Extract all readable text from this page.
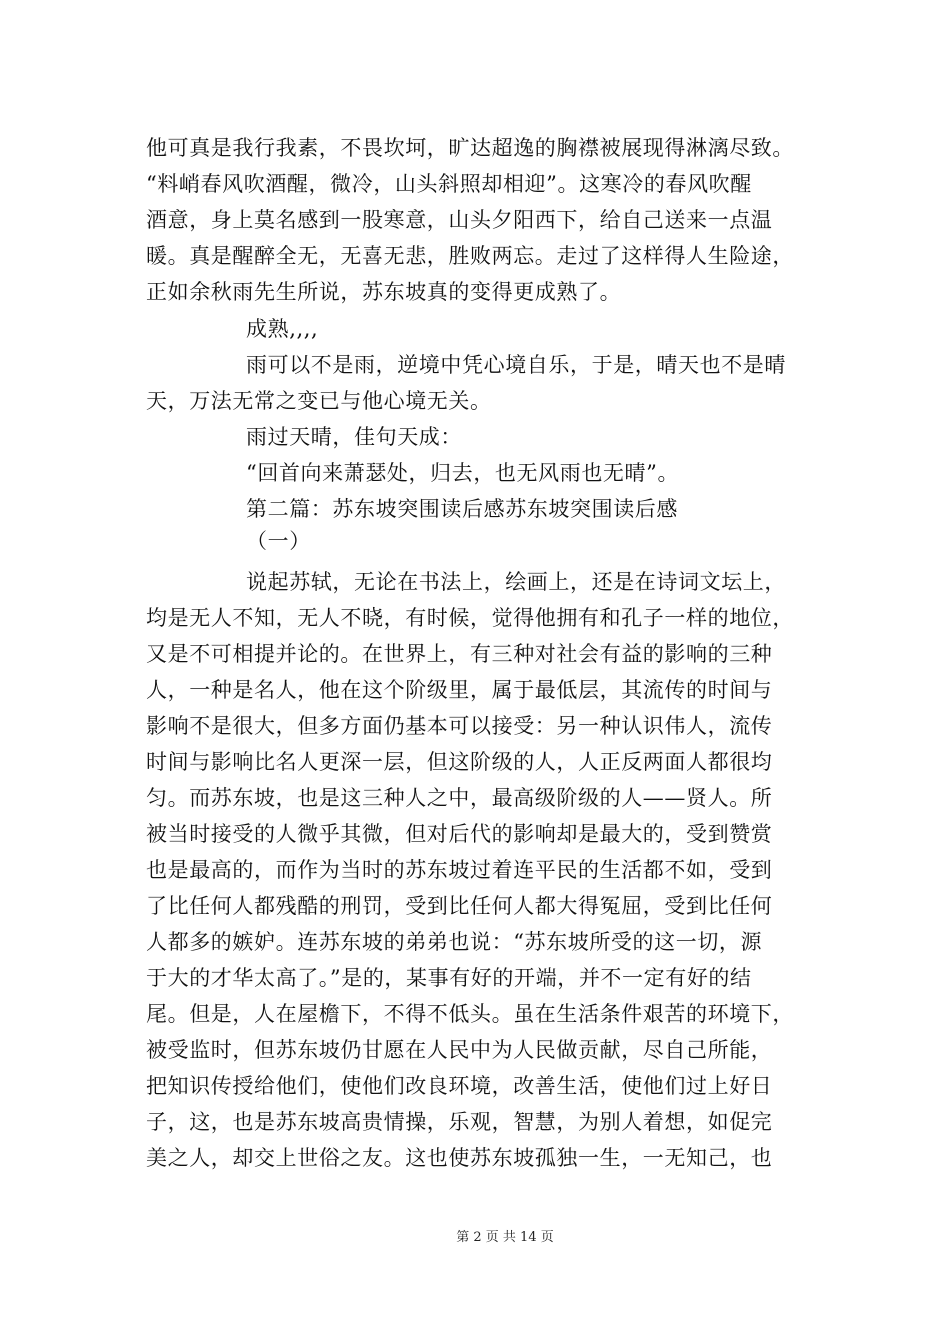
他可真是我行我素，不畏坎坷，旷达超逸的胸襟被展现得淋漓尽致。
“料峭春风吹酒醒，微冷，山头斜照却相迎”。这寒冷的春风吹醒
酒意，身上莫名感到一股寒意，山头夕阳西下，给自己送来一点温
暖。真是醒醉全无，无喜无悲，胜败两忘。走过了这样得人生险途，
正如余秋雨先生所说，苏东坡真的变得更成熟了。
成熟,,,,
雨可以不是雨，逆境中凭心境自乐，于是，晴天也不是晴
天，万法无常之变已与他心境无关。
雨过天晴，佳句天成：
“回首向来萧瑟处，归去，也无风雨也无晴”。
第二篇：苏东坡突围读后感苏东坡突围读后感
（一）
说起苏轼，无论在书法上，绘画上，还是在诗词文坛上，
均是无人不知，无人不晓，有时候，觉得他拥有和孔子一样的地位，
又是不可相提并论的。在世界上，有三种对社会有益的影响的三种
人，一种是名人，他在这个阶级里，属于最低层，其流传的时间与
影响不是很大，但多方面仍基本可以接受：另一种认识伟人，流传
时间与影响比名人更深一层，但这阶级的人，人正反两面人都很均
匀。而苏东坡，也是这三种人之中，最高级阶级的人——贤人。所
被当时接受的人微乎其微，但对后代的影响却是最大的，受到赞赏
也是最高的，而作为当时的苏东坡过着连平民的生活都不如，受到
了比任何人都残酷的刑罚，受到比任何人都大得冤屈，受到比任何
人都多的嫉妒。连苏东坡的弟弟也说：“苏东坡所受的这一切，源
于大的才华太高了。”是的，某事有好的开端，并不一定有好的结
尾。但是，人在屋檐下，不得不低头。虽在生活条件艰苦的环境下，
被受监时，但苏东坡仍甘愿在人民中为人民做贡献，尽自己所能，
把知识传授给他们，使他们改良环境，改善生活，使他们过上好日
子，这，也是苏东坡高贵情操，乐观，智慧，为别人着想，如促完
美之人，却交上世俗之友。这也使苏东坡孤独一生，一无知己，也
第 2 页 共 14 页
